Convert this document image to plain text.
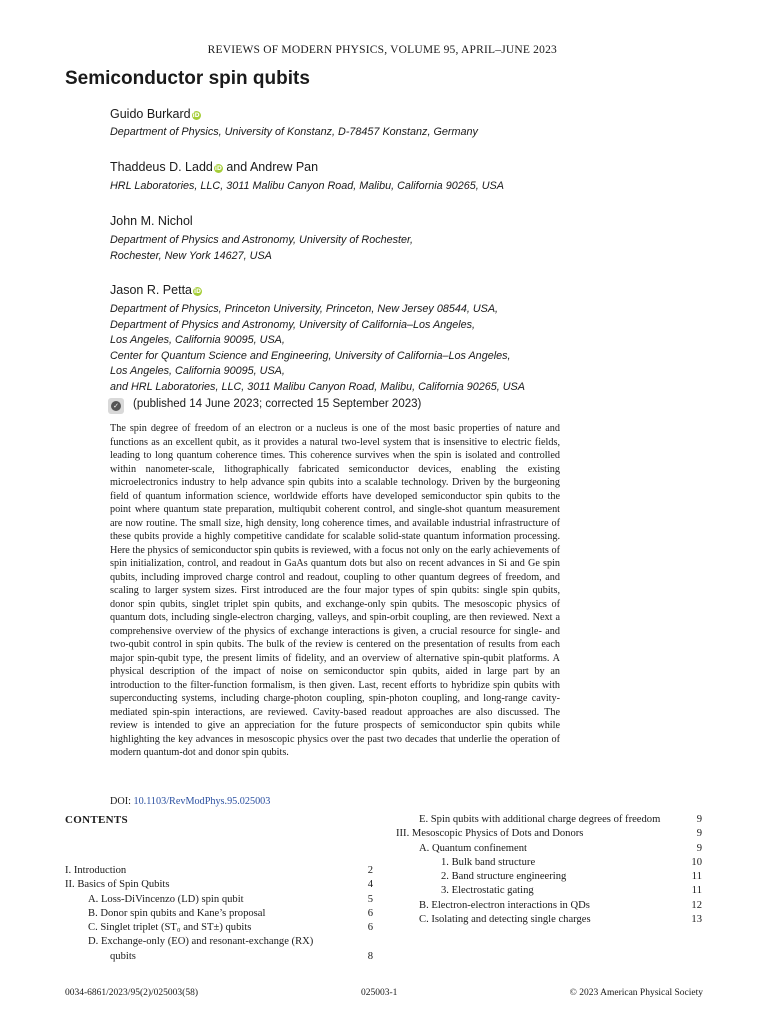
REVIEWS OF MODERN PHYSICS, VOLUME 95, APRIL–JUNE 2023
Semiconductor spin qubits
Guido Burkard iD
Department of Physics, University of Konstanz, D-78457 Konstanz, Germany
Thaddeus D. Ladd iD and Andrew Pan
HRL Laboratories, LLC, 3011 Malibu Canyon Road, Malibu, California 90265, USA
John M. Nichol
Department of Physics and Astronomy, University of Rochester,
Rochester, New York 14627, USA
Jason R. Petta iD
Department of Physics, Princeton University, Princeton, New Jersey 08544, USA,
Department of Physics and Astronomy, University of California–Los Angeles,
Los Angeles, California 90095, USA,
Center for Quantum Science and Engineering, University of California–Los Angeles,
Los Angeles, California 90095, USA,
and HRL Laboratories, LLC, 3011 Malibu Canyon Road, Malibu, California 90265, USA
✓ (published 14 June 2023; corrected 15 September 2023)
The spin degree of freedom of an electron or a nucleus is one of the most basic properties of nature and functions as an excellent qubit, as it provides a natural two-level system that is insensitive to electric fields, leading to long quantum coherence times. This coherence survives when the spin is isolated and controlled within nanometer-scale, lithographically fabricated semiconductor devices, enabling the existing microelectronics industry to help advance spin qubits into a scalable technology. Driven by the burgeoning field of quantum information science, worldwide efforts have developed semiconductor spin qubits to the point where quantum state preparation, multiqubit coherent control, and single-shot quantum measurement are now routine. The small size, high density, long coherence times, and available industrial infrastructure of these qubits provide a highly competitive candidate for scalable solid-state quantum information processing. Here the physics of semiconductor spin qubits is reviewed, with a focus not only on the early achievements of spin initialization, control, and readout in GaAs quantum dots but also on recent advances in Si and Ge spin qubits, including improved charge control and readout, coupling to other quantum degrees of freedom, and scaling to larger system sizes. First introduced are the four major types of spin qubits: single spin qubits, donor spin qubits, singlet triplet spin qubits, and exchange-only spin qubits. The mesoscopic physics of quantum dots, including single-electron charging, valleys, and spin-orbit coupling, are then reviewed. Next a comprehensive overview of the physics of exchange interactions is given, a crucial resource for single- and two-qubit control in spin qubits. The bulk of the review is centered on the presentation of results from each major spin-qubit type, the present limits of fidelity, and an overview of alternative spin-qubit platforms. A physical description of the impact of noise on semiconductor spin qubits, aided in large part by an introduction to the filter-function formalism, is then given. Last, recent efforts to hybridize spin qubits with superconducting systems, including charge-photon coupling, spin-photon coupling, and long-range cavity-mediated spin-spin interactions, are reviewed. Cavity-based readout approaches are also discussed. The review is intended to give an appreciation for the future prospects of semiconductor spin qubits while highlighting the key advances in mesoscopic physics over the past two decades that underlie the operation of modern quantum-dot and donor spin qubits.
DOI: 10.1103/RevModPhys.95.025003
CONTENTS
I. Introduction	2
II. Basics of Spin Qubits	4
A. Loss-DiVincenzo (LD) spin qubit	5
B. Donor spin qubits and Kane’s proposal	6
C. Singlet triplet (ST₀ and ST±) qubits	6
D. Exchange-only (EO) and resonant-exchange (RX)
qubits	8
E. Spin qubits with additional charge degrees of freedom	9
III. Mesoscopic Physics of Dots and Donors	9
A. Quantum confinement	9
1. Bulk band structure	10
2. Band structure engineering	11
3. Electrostatic gating	11
B. Electron-electron interactions in QDs	12
C. Isolating and detecting single charges	13
0034-6861/2023/95(2)/025003(58)	025003-1	© 2023 American Physical Society
